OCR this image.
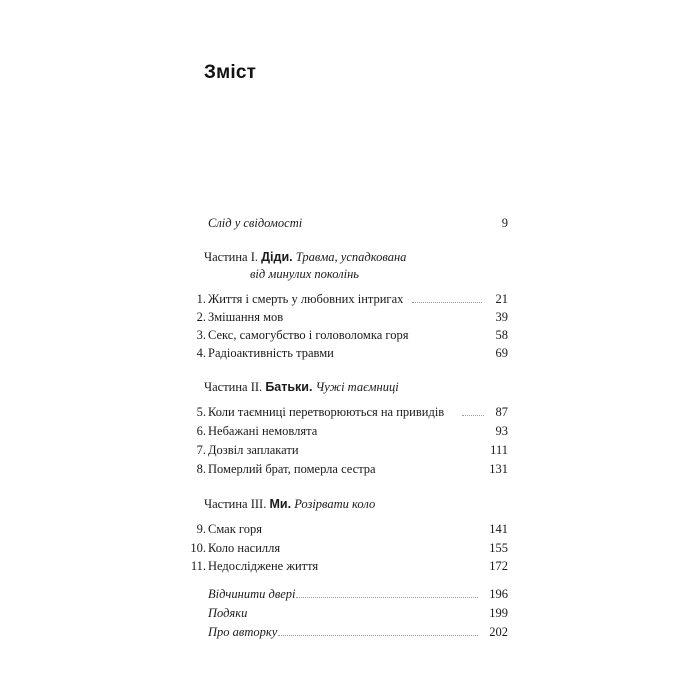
Зміст
Слід у свідомості	9
Частина І. Діди. Травма, успадкована
від минулих поколінь
1. Життя і смерть у любовних інтригах	21
2. Змішання мов	39
3. Секс, самогубство і головоломка горя	58
4. Радіоактивність травми	69
Частина ІІ. Батьки. Чужі таємниці
5. Коли таємниці перетворюються на привидів	87
6. Небажані немовлята	93
7. Дозвіл заплакати	111
8. Померлий брат, померла сестра	131
Частина ІІІ. Ми. Розірвати коло
9. Смак горя	141
10. Коло насилля	155
11. Недосліджене життя	172
Відчинити двері	196
Подяки	199
Про авторку	202
